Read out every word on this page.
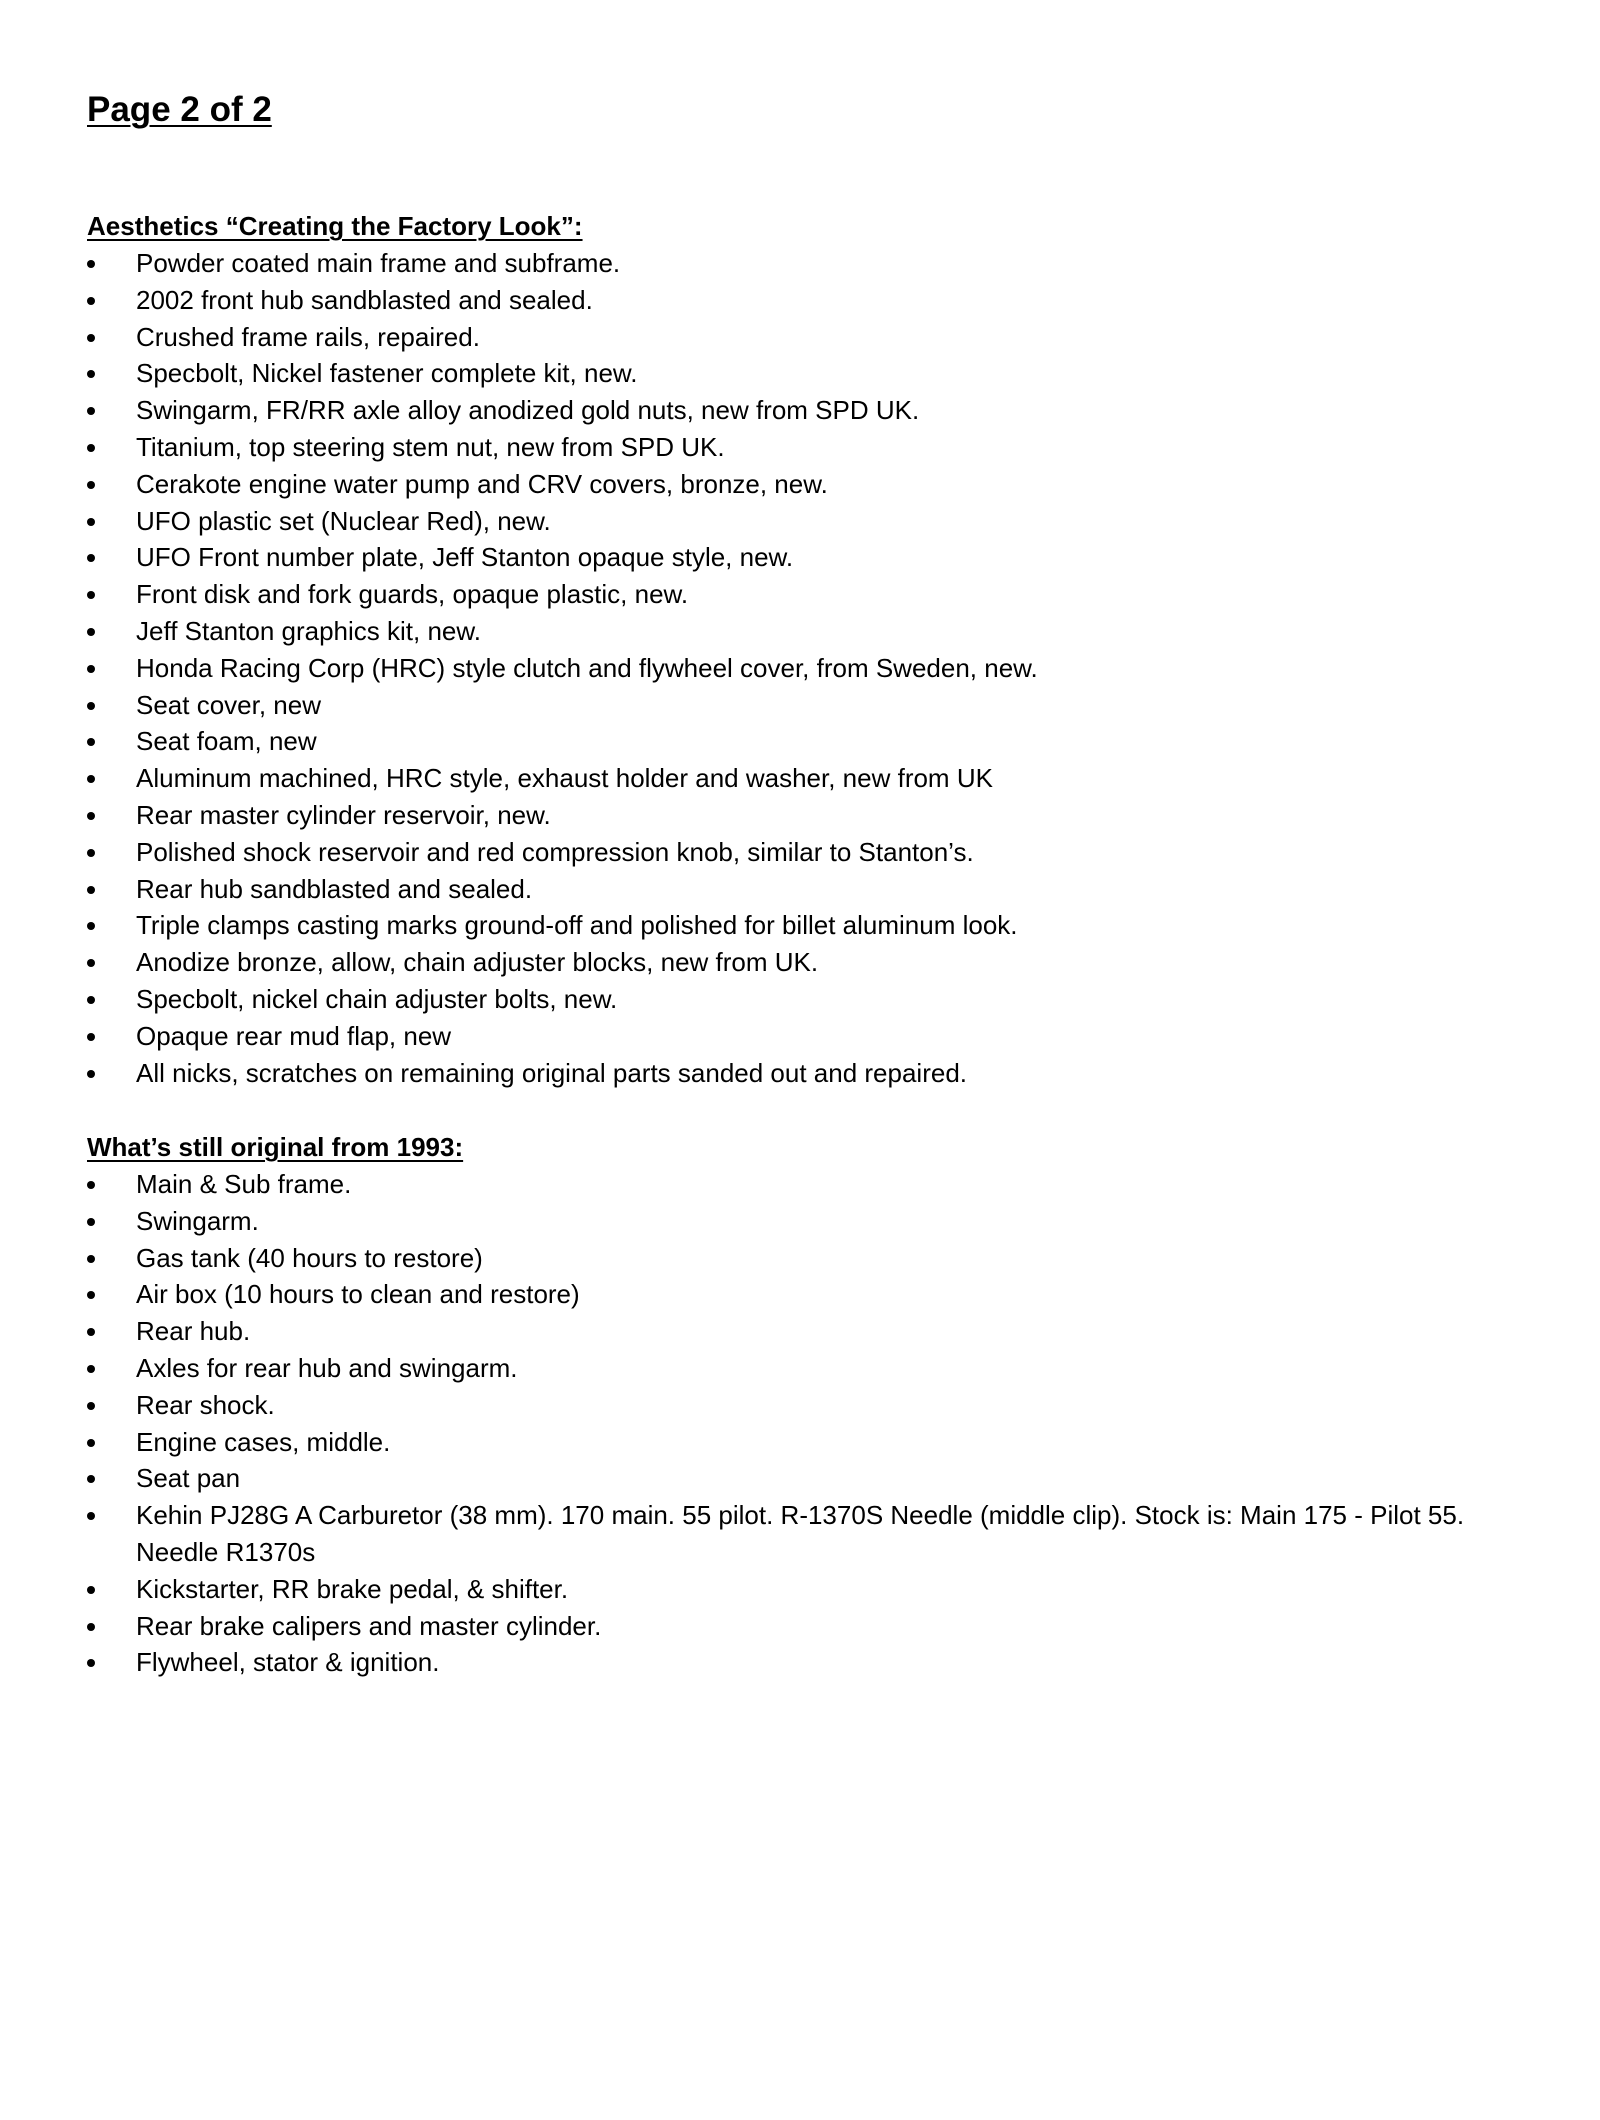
Page 2 of 2
Aesthetics “Creating the Factory Look”:
Powder coated main frame and subframe.
2002 front hub sandblasted and sealed.
Crushed frame rails, repaired.
Specbolt, Nickel fastener complete kit, new.
Swingarm, FR/RR axle alloy anodized gold nuts, new from SPD UK.
Titanium, top steering stem nut, new from SPD UK.
Cerakote engine water pump and CRV covers, bronze, new.
UFO plastic set (Nuclear Red), new.
UFO Front number plate, Jeff Stanton opaque style, new.
Front disk and fork guards, opaque plastic, new.
Jeff Stanton graphics kit, new.
Honda Racing Corp (HRC) style clutch and flywheel cover, from Sweden, new.
Seat cover, new
Seat foam, new
Aluminum machined, HRC style, exhaust holder and washer, new from UK
Rear master cylinder reservoir, new.
Polished shock reservoir and red compression knob, similar to Stanton’s.
Rear hub sandblasted and sealed.
Triple clamps casting marks ground-off and polished for billet aluminum look.
Anodize bronze, allow, chain adjuster blocks, new from UK.
Specbolt, nickel chain adjuster bolts, new.
Opaque rear mud flap, new
All nicks, scratches on remaining original parts sanded out and repaired.
What’s still original from 1993:
Main & Sub frame.
Swingarm.
Gas tank (40 hours to restore)
Air box (10 hours to clean and restore)
Rear hub.
Axles for rear hub and swingarm.
Rear shock.
Engine cases, middle.
Seat pan
Kehin PJ28G A Carburetor (38 mm). 170 main. 55 pilot. R-1370S Needle (middle clip). Stock is: Main 175 - Pilot 55. Needle R1370s
Kickstarter, RR brake pedal, & shifter.
Rear brake calipers and master cylinder.
Flywheel, stator & ignition.
